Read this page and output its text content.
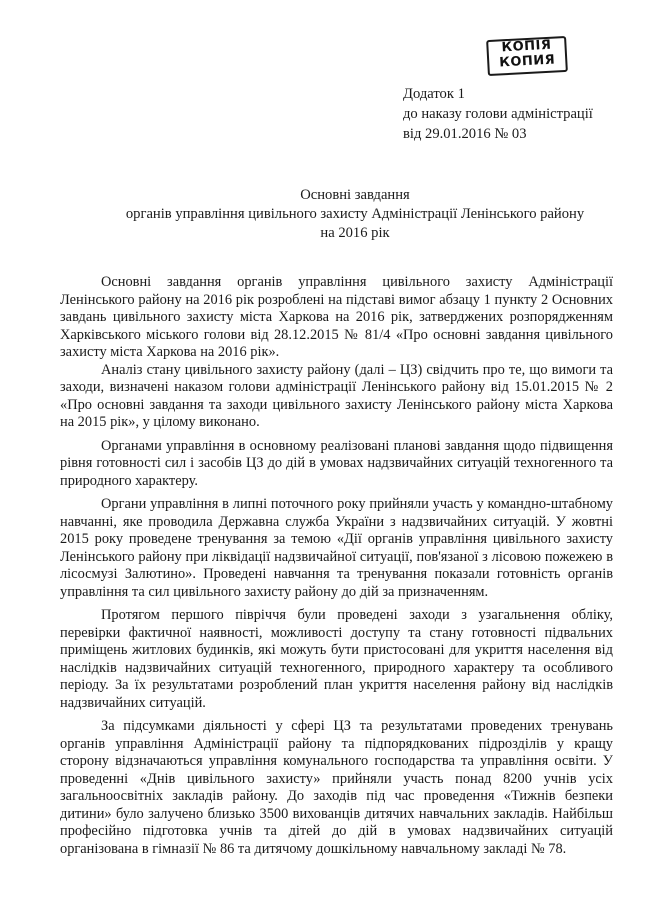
КОПІЯ
КОПИЯ
Додаток 1
до наказу голови адміністрації
від 29.01.2016 № 03
Основні завдання
органів управління цивільного захисту Адміністрації Ленінського району
на 2016 рік

Основні завдання органів управління цивільного захисту Адміністрації Ленінського району на 2016 рік розроблені на підставі вимог абзацу 1 пункту 2 Основних завдань цивільного захисту міста Харкова на 2016 рік, затверджених розпорядженням Харківського міського голови від 28.12.2015 № 81/4 «Про основні завдання цивільного захисту міста Харкова на 2016 рік».

Аналіз стану цивільного захисту району (далі – ЦЗ) свідчить про те, що вимоги та заходи, визначені наказом голови адміністрації Ленінського району від 15.01.2015 № 2 «Про основні завдання та заходи цивільного захисту Ленінського району міста Харкова на 2015 рік», у цілому виконано.

Органами управління в основному реалізовані планові завдання щодо підвищення рівня готовності сил і засобів ЦЗ до дій в умовах надзвичайних ситуацій техногенного та природного характеру.

Органи управління в липні поточного року прийняли участь у командно-штабному навчанні, яке проводила Державна служба України з надзвичайних ситуацій. У жовтні 2015 року проведене тренування за темою «Дії органів управління цивільного захисту Ленінського району при ліквідації надзвичайної ситуації, пов'язаної з лісовою пожежею в лісосмузі Залютино». Проведені навчання та тренування показали готовність органів управління та сил цивільного захисту району до дій за призначенням.

Протягом першого півріччя були проведені заходи з узагальнення обліку, перевірки фактичної наявності, можливості доступу та стану готовності підвальних приміщень житлових будинків, які можуть бути пристосовані для укриття населення від наслідків надзвичайних ситуацій техногенного, природного характеру та особливого періоду. За їх результатами розроблений план укриття населення району від наслідків надзвичайних ситуацій.

За підсумками діяльності у сфері ЦЗ та результатами проведених тренувань органів управління Адміністрації району та підпорядкованих підрозділів у кращу сторону відзначаються управління комунального господарства та управління освіти. У проведенні «Днів цивільного захисту» прийняли участь понад 8200 учнів усіх загальноосвітніх закладів району. До заходів під час проведення «Тижнів безпеки дитини» було залучено близько 3500 вихованців дитячих навчальних закладів. Найбільш професійно підготовка учнів та дітей до дій в умовах надзвичайних ситуацій організована в гімназії № 86 та дитячому дошкільному навчальному закладі № 78.
